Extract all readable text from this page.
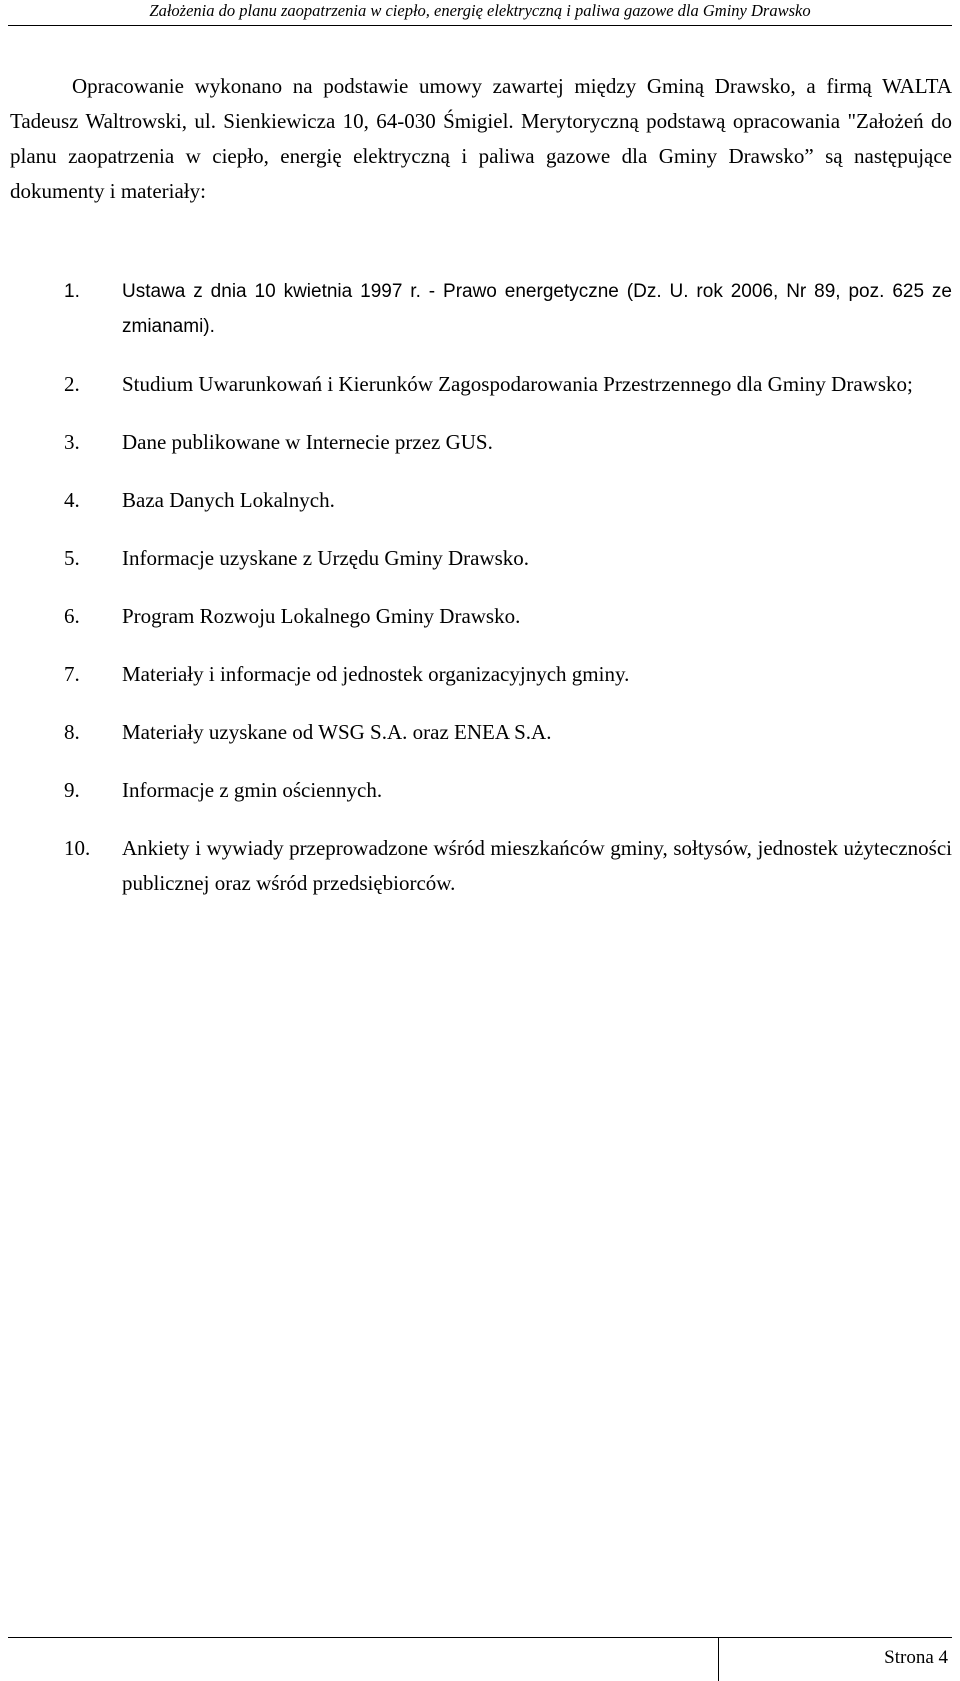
Założenia do planu zaopatrzenia w ciepło, energię elektryczną i paliwa gazowe dla Gminy Drawsko

Opracowanie wykonano na podstawie umowy zawartej między Gminą Drawsko, a firmą WALTA Tadeusz Waltrowski, ul. Sienkiewicza 10, 64-030 Śmigiel. Merytoryczną podstawą opracowania "Założeń do planu zaopatrzenia w ciepło, energię elektryczną i paliwa gazowe dla Gminy Drawsko” są następujące dokumenty i materiały:

1. Ustawa z dnia 10 kwietnia 1997 r. - Prawo energetyczne (Dz. U. rok 2006, Nr 89, poz. 625 ze zmianami).
2. Studium Uwarunkowań i Kierunków Zagospodarowania Przestrzennego dla Gminy Drawsko;
3. Dane publikowane w Internecie przez GUS.
4. Baza Danych Lokalnych.
5. Informacje uzyskane z Urzędu Gminy Drawsko.
6. Program Rozwoju Lokalnego Gminy Drawsko.
7. Materiały i informacje od jednostek organizacyjnych gminy.
8. Materiały uzyskane od WSG S.A. oraz ENEA S.A.
9. Informacje z gmin ościennych.
10. Ankiety i wywiady przeprowadzone wśród mieszkańców gminy, sołtysów, jednostek użyteczności publicznej oraz wśród przedsiębiorców.
Strona 4
